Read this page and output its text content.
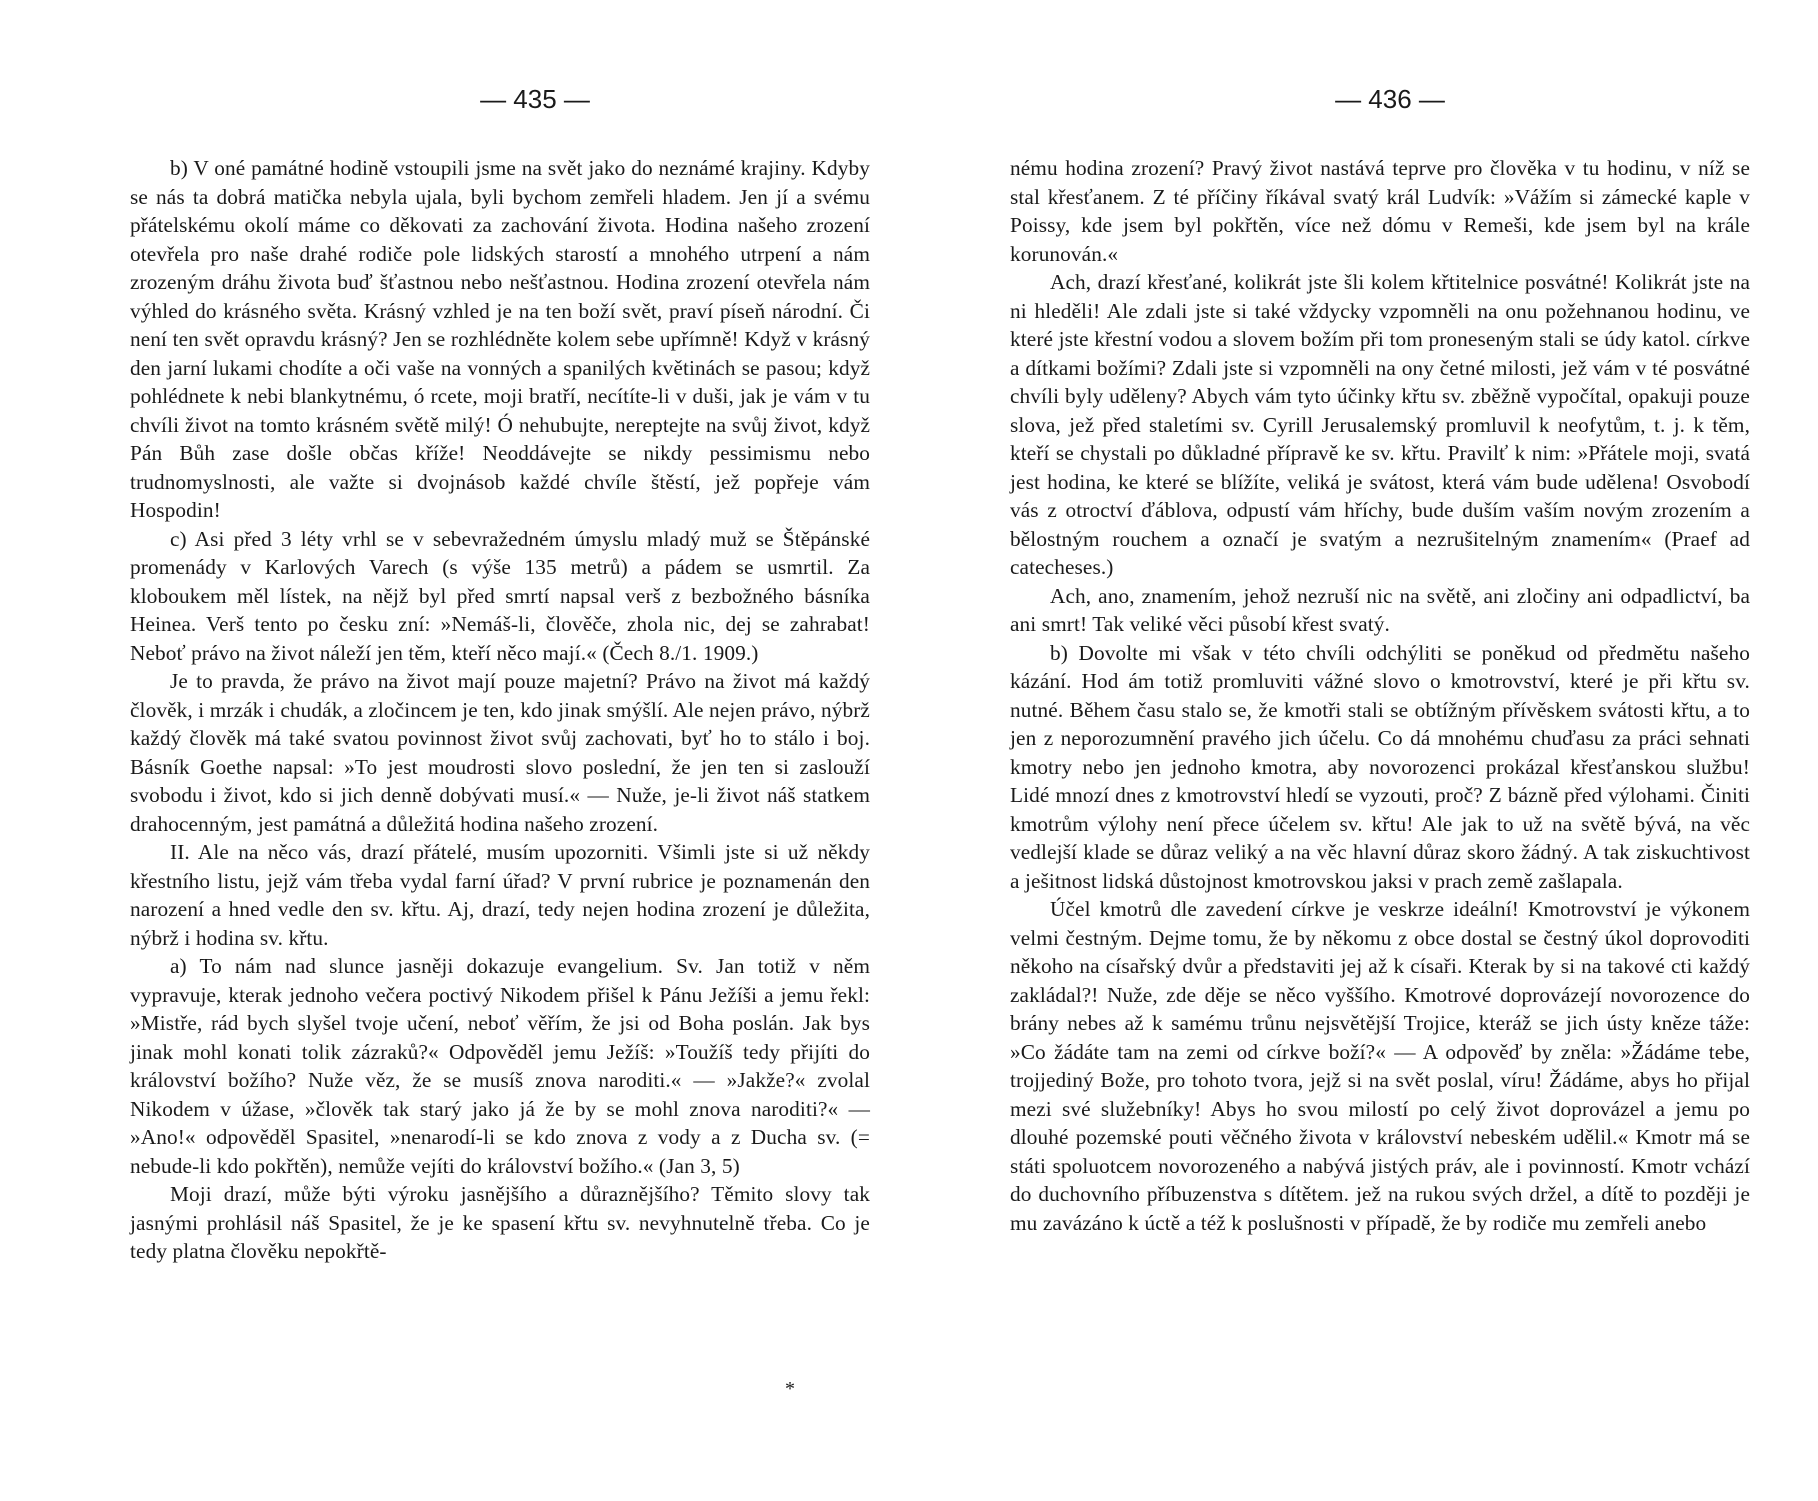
— 435 —

b) V oné památné hodině vstoupili jsme na svět jako do neznámé krajiny. Kdyby se nás ta dobrá matička nebyla ujala, byli bychom zemřeli hladem. Jen jí a svému přátelskému okolí máme co děkovati za zachování života. Hodina našeho zrození otevřela pro naše drahé rodiče pole lidských starostí a mnohého utrpení a nám zrozeným dráhu života buď šťastnou nebo nešťastnou. Hodina zrození otevřela nám výhled do krásného světa. Krásný vzhled je na ten boží svět, praví píseň národní. Či není ten svět opravdu krásný? Jen se rozhlédněte kolem sebe upřímně! Když v krásný den jarní lukami chodíte a oči vaše na vonných a spanilých květinách se pasou; když pohlédnete k nebi blankytnému, ó rcete, moji bratří, necítíte-li v duši, jak je vám v tu chvíli život na tomto krásném světě milý! Ó nehubujte, nereptejte na svůj život, když Pán Bůh zase došle občas kříže! Neoddávejte se nikdy pessimismu nebo trudnomyslnosti, ale važte si dvojnásob každé chvíle štěstí, jež popřeje vám Hospodin!

c) Asi před 3 léty vrhl se v sebevražedném úmyslu mladý muž se Štěpánské promenády v Karlových Varech (s výše 135 metrů) a pádem se usmrtil. Za kloboukem měl lístek, na nějž byl před smrtí napsal verš z bezbožného básníka Heinea. Verš tento po česku zní: »Nemáš-li, člověče, zhola nic, dej se zahrabat! Neboť právo na život náleží jen těm, kteří něco mají.« (Čech 8./1. 1909.)

Je to pravda, že právo na život mají pouze majetní? Právo na život má každý člověk, i mrzák i chudák, a zločincem je ten, kdo jinak smýšlí. Ale nejen právo, nýbrž každý člověk má také svatou povinnost život svůj zachovati, byť ho to stálo i boj. Básník Goethe napsal: »To jest moudrosti slovo poslední, že jen ten si zaslouží svobodu i život, kdo si jich denně dobývati musí.« — Nuže, je-li život náš statkem drahocenným, jest památná a důležitá hodina našeho zrození.

II. Ale na něco vás, drazí přátelé, musím upozorniti. Všimli jste si už někdy křestního listu, jejž vám třeba vydal farní úřad? V první rubrice je poznamenán den narození a hned vedle den sv. křtu. Aj, drazí, tedy nejen hodina zrození je důležita, nýbrž i hodina sv. křtu.

a) To nám nad slunce jasněji dokazuje evangelium. Sv. Jan totiž v něm vypravuje, kterak jednoho večera poctivý Nikodem přišel k Pánu Ježíši a jemu řekl: »Mistře, rád bych slyšel tvoje učení, neboť věřím, že jsi od Boha poslán. Jak bys jinak mohl konati tolik zázraků?« Odpověděl jemu Ježíš: »Toužíš tedy přijíti do království božího? Nuže věz, že se musíš znova naroditi.« — »Jakže?« zvolal Nikodem v úžase, »člověk tak starý jako já že by se mohl znova naroditi?« — »Ano!« odpověděl Spasitel, »nenarodí-li se kdo znova z vody a z Ducha sv. (= nebude-li kdo pokřtěn), nemůže vejíti do království božího.« (Jan 3, 5)

Moji drazí, může býti výroku jasnějšího a důraznějšího? Těmito slovy tak jasnými prohlásil náš Spasitel, že je ke spasení křtu sv. nevyhnutelně třeba. Co je tedy platna člověku nepokřtě-

*
— 436 —

nému hodina zrození? Pravý život nastává teprve pro člověka v tu hodinu, v níž se stal křesťanem. Z té příčiny říkával svatý král Ludvík: »Vážím si zámecké kaple v Poissy, kde jsem byl pokřtěn, více než dómu v Remeši, kde jsem byl na krále korunován.«

Ach, drazí křesťané, kolikrát jste šli kolem křtitelnice posvátné! Kolikrát jste na ni hleděli! Ale zdali jste si také vždycky vzpomněli na onu požehnanou hodinu, ve které jste křestní vodou a slovem božím při tom proneseným stali se údy katol. církve a dítkami božími? Zdali jste si vzpomněli na ony četné milosti, jež vám v té posvátné chvíli byly uděleny? Abych vám tyto účinky křtu sv. zběžně vypočítal, opakuji pouze slova, jež před staletími sv. Cyrill Jerusalemský promluvil k neofytům, t. j. k těm, kteří se chystali po důkladné přípravě ke sv. křtu. Pravilť k nim: »Přátele moji, svatá jest hodina, ke které se blížíte, veliká je svátost, která vám bude udělena! Osvobodí vás z otroctví ďáblova, odpustí vám hříchy, bude duším vaším novým zrozením a bělostným rouchem a označí je svatým a nezrušitelným znamením« (Praef ad catecheses.)

Ach, ano, znamením, jehož nezruší nic na světě, ani zločiny ani odpadlictví, ba ani smrt! Tak veliké věci působí křest svatý.

b) Dovolte mi však v této chvíli odchýliti se poněkud od předmětu našeho kázání. Hod ám totiž promluviti vážné slovo o kmotrovství, které je při křtu sv. nutné. Během času stalo se, že kmotři stali se obtížným přívěskem svátosti křtu, a to jen z neporozumnění pravého jich účelu. Co dá mnohému chuďasu za práci sehnati kmotry nebo jen jednoho kmotra, aby novorozenci prokázal křesťanskou službu! Lidé mnozí dnes z kmotrovství hledí se vyzouti, proč? Z bázně před výlohami. Činiti kmotrům výlohy není přece účelem sv. křtu! Ale jak to už na světě bývá, na věc vedlejší klade se důraz veliký a na věc hlavní důraz skoro žádný. A tak ziskuchtivost a ješitnost lidská důstojnost kmotrovskou jaksi v prach země zašlapala.

Účel kmotrů dle zavedení církve je veskrze ideální! Kmotrovství je výkonem velmi čestným. Dejme tomu, že by někomu z obce dostal se čestný úkol doprovoditi někoho na císařský dvůr a představiti jej až k císaři. Kterak by si na takové cti každý zakládal?! Nuže, zde děje se něco vyššího. Kmotrové doprovázejí novorozence do brány nebes až k samému trůnu nejsvětější Trojice, kteráž se jich ústy kněze táže: »Co žádáte tam na zemi od církve boží?« — A odpověď by zněla: »Žádáme tebe, trojjediný Bože, pro tohoto tvora, jejž si na svět poslal, víru! Žádáme, abys ho přijal mezi své služebníky! Abys ho svou milostí po celý život doprovázel a jemu po dlouhé pozemské pouti věčného života v království nebeském udělil.« Kmotr má se státi spoluotcem novorozeného a nabývá jistých práv, ale i povinností. Kmotr vchází do duchovního příbuzenstva s dítětem. jež na rukou svých držel, a dítě to později je mu zavázáno k úctě a též k poslušnosti v případě, že by rodiče mu zemřeli anebo
